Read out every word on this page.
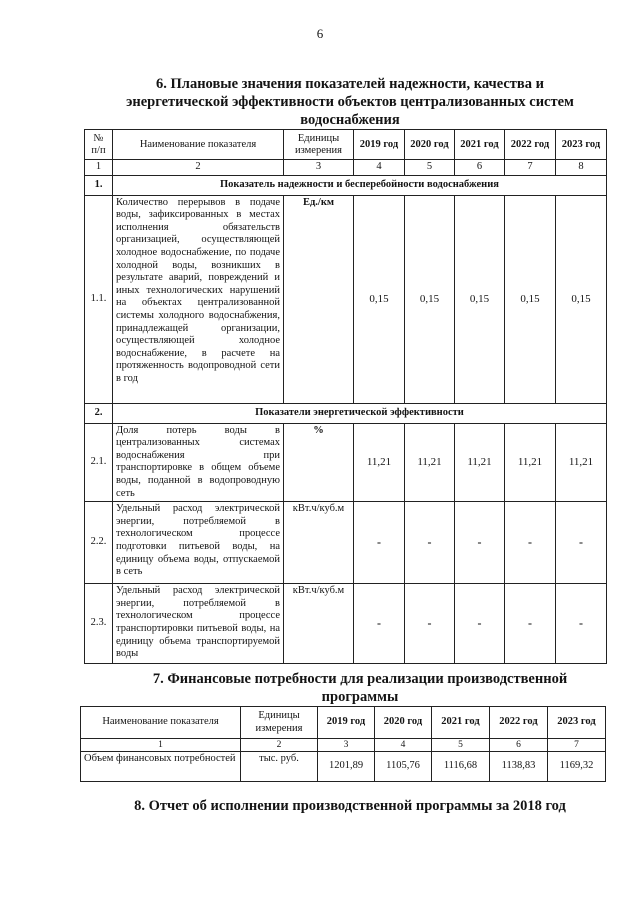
6
6. Плановые значения показателей надежности, качества и
энергетической эффективности объектов централизованных систем
водоснабжения
№ п/п	Наименование показателя	Единицы измерения	2019 год	2020 год	2021 год	2022 год	2023 год
1	2	3	4	5	6	7	8
1.	Показатель надежности и бесперебойности водоснабжения						
1.1.	Количество перерывов в подаче воды, зафиксированных в местах исполнения обязательств организацией, осуществляющей холодное водоснабжение, по подаче холодной воды, возникших в результате аварий, повреждений и иных технологических нарушений на объектах централизованной системы холодного водоснабжения, принадлежащей организации, осуществляющей холодное водоснабжение, в расчете на протяженность водопроводной сети в год	Ед./км	0,15	0,15	0,15	0,15	0,15
2.	Показатели энергетической эффективности						
2.1.	Доля потерь воды в централизованных системах водоснабжения при транспортировке в общем объеме воды, поданной в водопроводную сеть	%	11,21	11,21	11,21	11,21	11,21
2.2.	Удельный расход электрической энергии, потребляемой в технологическом процессе подготовки питьевой воды, на единицу объема воды, отпускаемой в сеть	кВт.ч/куб.м	-	-	-	-	-
2.3.	Удельный расход электрической энергии, потребляемой в технологическом процессе транспортировки питьевой воды, на единицу объема транспортируемой воды	кВт.ч/куб.м	-	-	-	-	-
7. Финансовые потребности для реализации производственной
программы
Наименование показателя	Единицы измерения	2019 год	2020 год	2021 год	2022 год	2023 год
1	2	3	4	5	6	7
Объем финансовых потребностей	тыс. руб.	1201,89	1105,76	1116,68	1138,83	1169,32
8. Отчет об исполнении производственной программы за 2018 год
